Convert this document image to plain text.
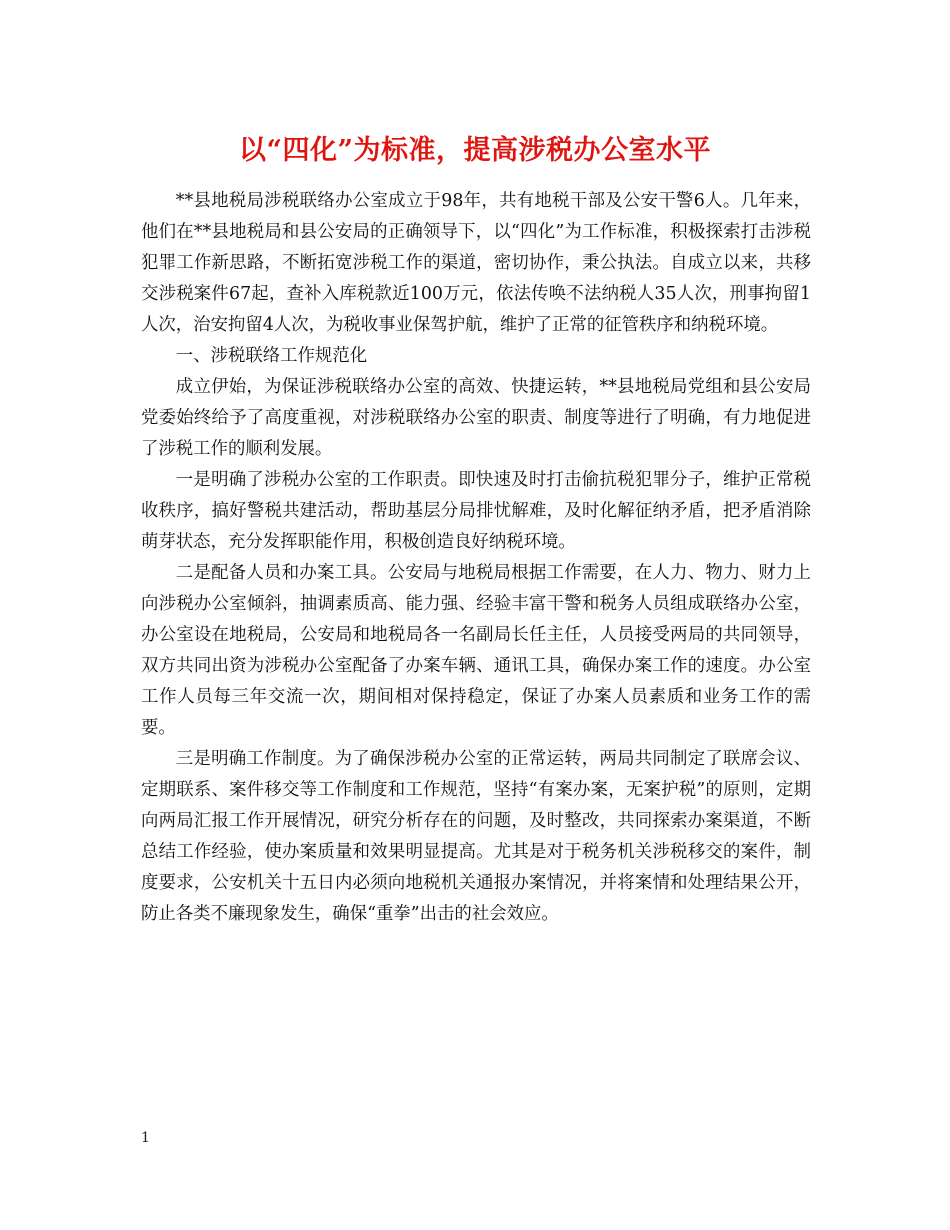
以“四化”为标准，提高涉税办公室水平

**县地税局涉税联络办公室成立于98年，共有地税干部及公安干警6人。几年来，他们在**县地税局和县公安局的正确领导下，以“四化”为工作标准，积极探索打击涉税犯罪工作新思路，不断拓宽涉税工作的渠道，密切协作，秉公执法。自成立以来，共移交涉税案件67起，查补入库税款近100万元，依法传唤不法纳税人35人次，刑事拘留1人次，治安拘留4人次，为税收事业保驾护航，维护了正常的征管秩序和纳税环境。

一、涉税联络工作规范化

成立伊始，为保证涉税联络办公室的高效、快捷运转，**县地税局党组和县公安局党委始终给予了高度重视，对涉税联络办公室的职责、制度等进行了明确，有力地促进了涉税工作的顺利发展。

一是明确了涉税办公室的工作职责。即快速及时打击偷抗税犯罪分子，维护正常税收秩序，搞好警税共建活动，帮助基层分局排忧解难，及时化解征纳矛盾，把矛盾消除萌芽状态，充分发挥职能作用，积极创造良好纳税环境。

二是配备人员和办案工具。公安局与地税局根据工作需要，在人力、物力、财力上向涉税办公室倾斜，抽调素质高、能力强、经验丰富干警和税务人员组成联络办公室，办公室设在地税局，公安局和地税局各一名副局长任主任，人员接受两局的共同领导，双方共同出资为涉税办公室配备了办案车辆、通讯工具，确保办案工作的速度。办公室工作人员每三年交流一次，期间相对保持稳定，保证了办案人员素质和业务工作的需要。

三是明确工作制度。为了确保涉税办公室的正常运转，两局共同制定了联席会议、定期联系、案件移交等工作制度和工作规范，坚持“有案办案，无案护税”的原则，定期向两局汇报工作开展情况，研究分析存在的问题，及时整改，共同探索办案渠道，不断总结工作经验，使办案质量和效果明显提高。尤其是对于税务机关涉税移交的案件，制度要求，公安机关十五日内必须向地税机关通报办案情况，并将案情和处理结果公开，防止各类不廉现象发生，确保“重拳”出击的社会效应。

1
